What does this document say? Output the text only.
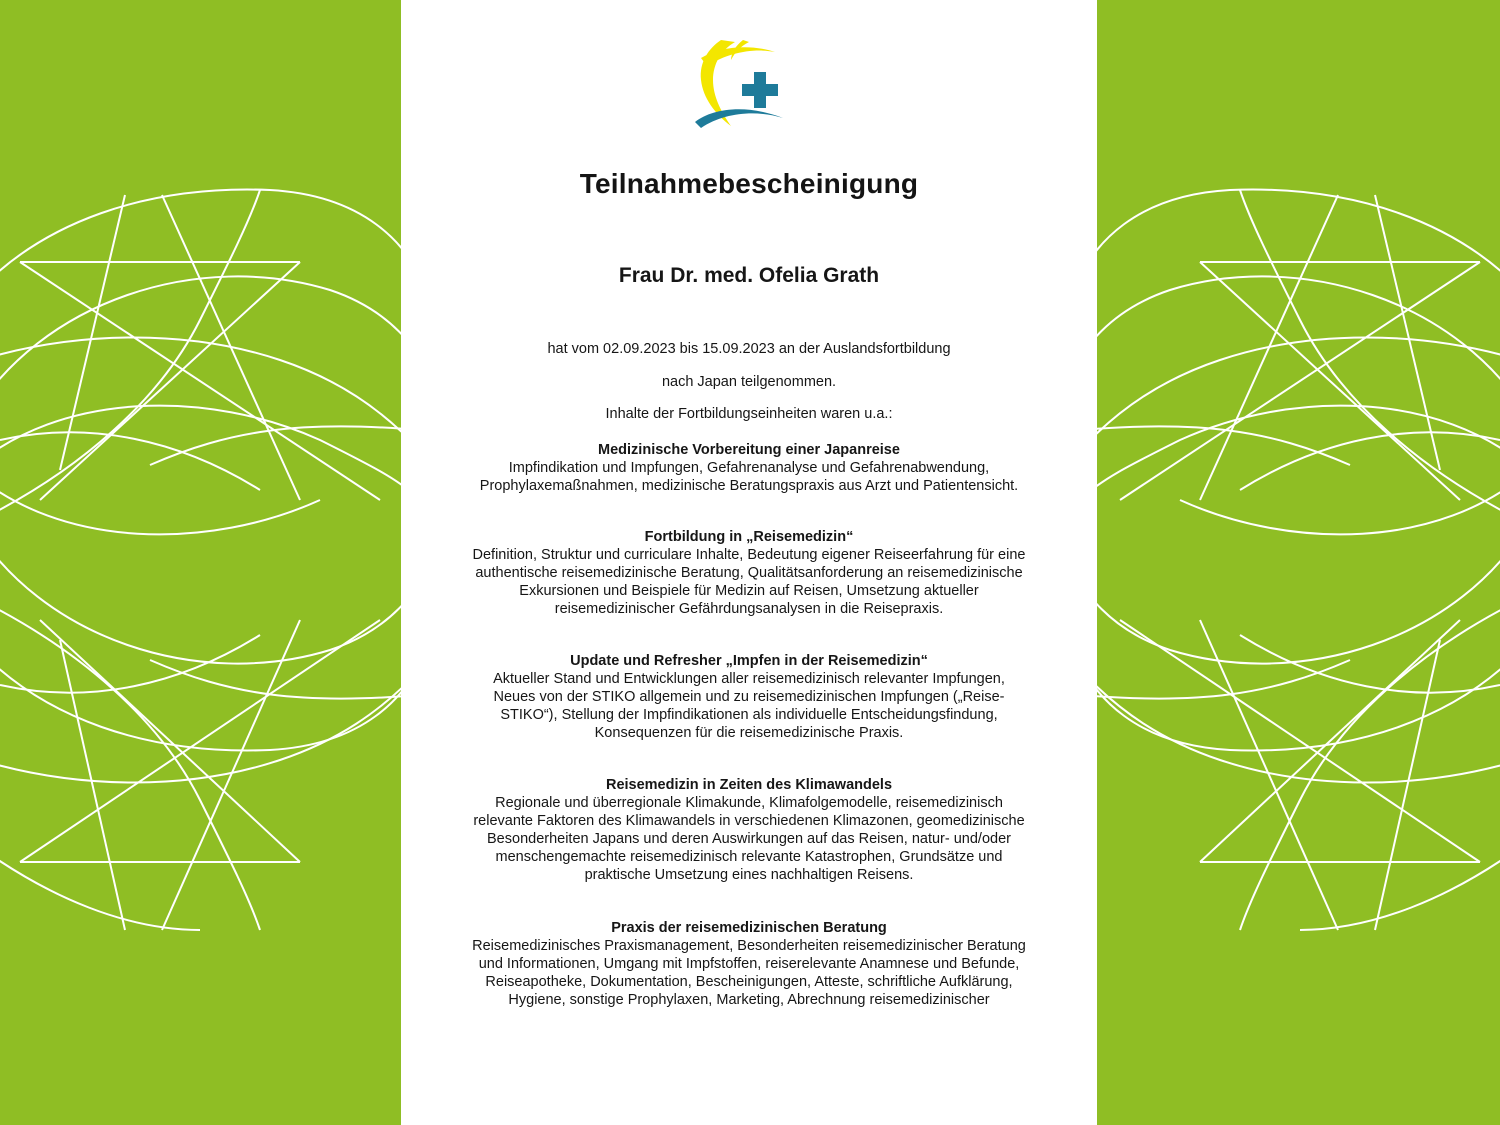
Teilnahmebescheinigung
Frau Dr. med. Ofelia Grath
hat vom 02.09.2023 bis 15.09.2023 an der Auslandsfortbildung
nach Japan teilgenommen.
Inhalte der Fortbildungseinheiten waren u.a.:
Medizinische Vorbereitung einer Japanreise
Impfindikation und Impfungen, Gefahrenanalyse und Gefahrenabwendung,
Prophylaxemaßnahmen, medizinische Beratungspraxis aus Arzt und Patientensicht.
Fortbildung in „Reisemedizin“
Definition, Struktur und curriculare Inhalte, Bedeutung eigener Reiseerfahrung für eine
authentische reisemedizinische Beratung, Qualitätsanforderung an reisemedizinische
Exkursionen und Beispiele für Medizin auf Reisen, Umsetzung aktueller
reisemedizinischer Gefährdungsanalysen in die Reisepraxis.
Update und Refresher „Impfen in der Reisemedizin“
Aktueller Stand und Entwicklungen aller reisemedizinisch relevanter Impfungen,
Neues von der STIKO allgemein und zu reisemedizinischen Impfungen („Reise-
STIKO“), Stellung der Impfindikationen als individuelle Entscheidungsfindung,
Konsequenzen für die reisemedizinische Praxis.
Reisemedizin in Zeiten des Klimawandels
Regionale und überregionale Klimakunde, Klimafolgemodelle, reisemedizinisch
relevante Faktoren des Klimawandels in verschiedenen Klimazonen, geomedizinische
Besonderheiten Japans und deren Auswirkungen auf das Reisen, natur- und/oder
menschengemachte reisemedizinisch relevante Katastrophen, Grundsätze und
praktische Umsetzung eines nachhaltigen Reisens.
Praxis der reisemedizinischen Beratung
Reisemedizinisches Praxismanagement, Besonderheiten reisemedizinischer Beratung
und Informationen, Umgang mit Impfstoffen, reiserelevante Anamnese und Befunde,
Reiseapotheke, Dokumentation, Bescheinigungen, Atteste, schriftliche Aufklärung,
Hygiene, sonstige Prophylaxen, Marketing, Abrechnung reisemedizinischer
